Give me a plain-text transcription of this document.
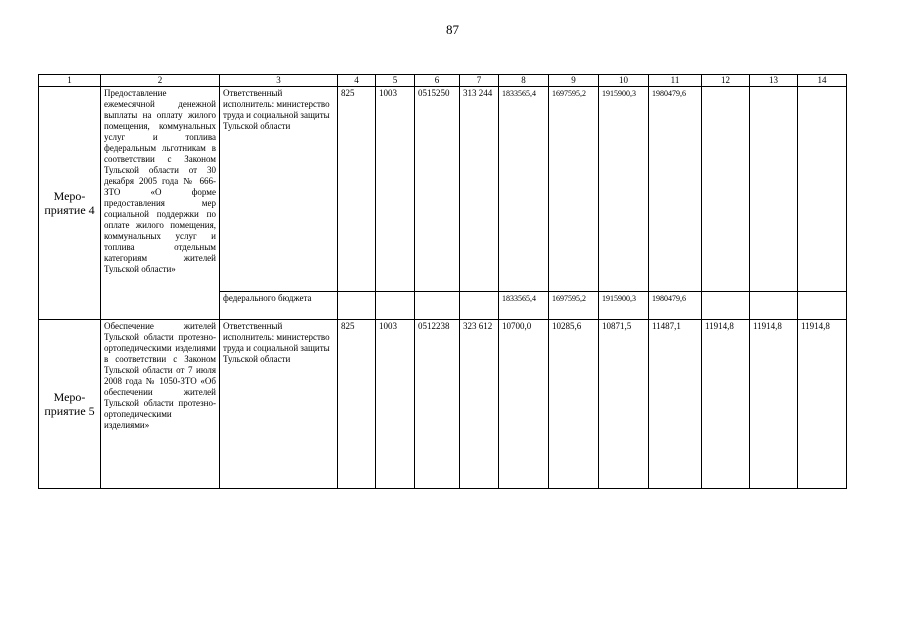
87
1	2	3	4	5	6	7	8	9	10	11	12	13	14
Меро-
приятие 4	Предоставление ежемесячной денежной выплаты на оплату жилого помещения, коммунальных услуг и топлива федеральным льготникам в соответствии с Законом Тульской области от 30 декабря 2005 года № 666-ЗТО «О форме предоставления мер социальной поддержки по оплате жилого помещения, коммунальных услуг и топлива отдельным категориям жителей Тульской области»	Ответственный исполнитель: министерство труда и социальной защиты Тульской области	825	1003	0515250	313 244	1833565,4	1697595,2	1915900,3	1980479,6			
		федерального бюджета					1833565,4	1697595,2	1915900,3	1980479,6			
Меро-
приятие 5	Обеспечение жителей Тульской области протезно-ортопедическими изделиями в соответствии с Законом Тульской области от 7 июля 2008 года № 1050-ЗТО «Об обеспечении жителей Тульской области протезно-ортопедическими изделиями»	Ответственный исполнитель: министерство труда и социальной защиты Тульской области	825	1003	0512238	323 612	10700,0	10285,6	10871,5	11487,1	11914,8	11914,8	11914,8
